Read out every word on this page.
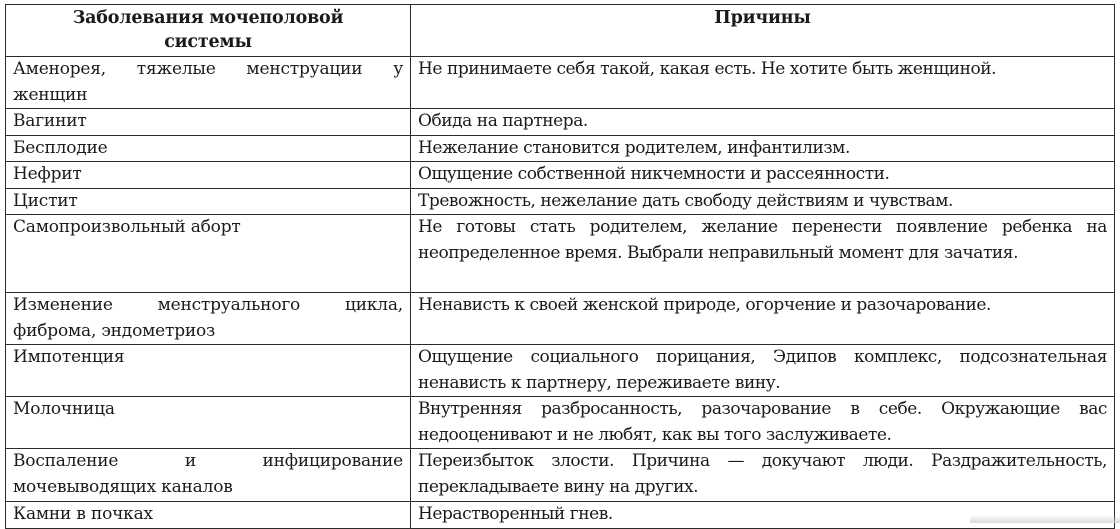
Заболевания мочеполовой системы	Причины

Аменорея, тяжелые менструации у женщин	Не принимаете себя такой, какая есть. Не хотите быть женщиной.

Вагинит	Обида на партнера.

Бесплодие	Нежелание становится родителем, инфантилизм.

Нефрит	Ощущение собственной никчемности и рассеянности.

Цистит	Тревожность, нежелание дать свободу действиям и чувствам.

Самопроизвольный аборт	Не готовы стать родителем, желание перенести появление ребенка на неопределенное время. Выбрали неправильный момент для зачатия.

Изменение менструального цикла, фиброма, эндометриоз	Ненависть к своей женской природе, огорчение и разочарование.

Импотенция	Ощущение социального порицания, Эдипов комплекс, подсознательная ненависть к партнеру, переживаете вину.

Молочница	Внутренняя разбросанность, разочарование в себе. Окружающие вас недооценивают и не любят, как вы того заслуживаете.

Воспаление и инфицирование мочевыводящих каналов	Переизбыток злости. Причина — докучают люди. Раздражительность, перекладываете вину на других.

Камни в почках	Нерастворенный гнев.
